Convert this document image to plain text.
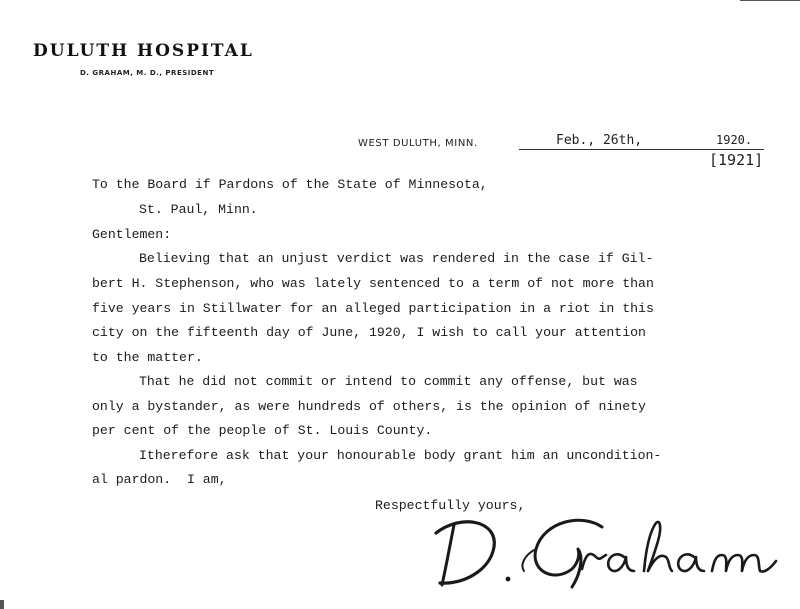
DULUTH HOSPITAL
D. GRAHAM, M. D., PRESIDENT
WEST DULUTH, MINN.	Feb., 26th,	1920.
[1921]
To the Board if Pardons of the State of Minnesota,
St. Paul, Minn.
Gentlemen:
Believing that an unjust verdict was rendered in the case if Gil-
bert H. Stephenson, who was lately sentenced to a term of not more than
five years in Stillwater for an alleged participation in a riot in this
city on the fifteenth day of June, 1920, I wish to call your attention
to the matter.
That he did not commit or intend to commit any offense, but was
only a bystander, as were hundreds of others, is the opinion of ninety
per cent of the people of St. Louis County.
Itherefore ask that your honourable body grant him an uncondition-
al pardon.  I am,
Respectfully yours,
